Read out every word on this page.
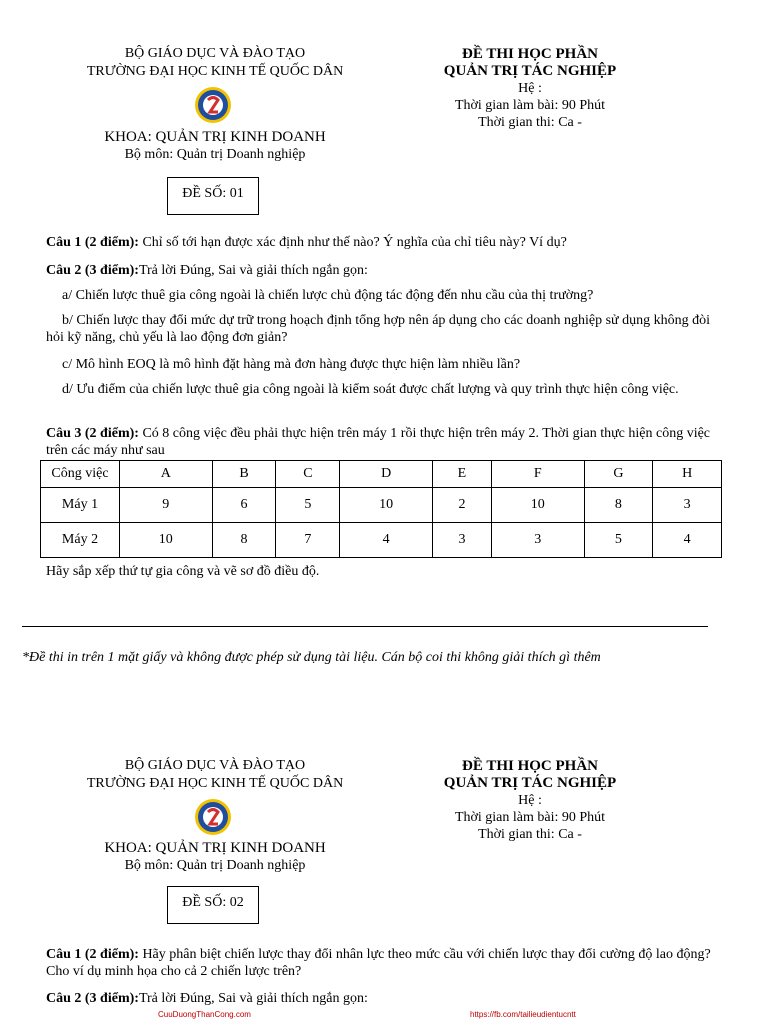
BỘ GIÁO DỤC VÀ ĐÀO TẠO
TRƯỜNG ĐẠI HỌC KINH TẾ QUỐC DÂN
KHOA: QUẢN TRỊ KINH DOANH
Bộ môn: Quản trị Doanh nghiệp
ĐỀ SỐ: 01
ĐỀ THI HỌC PHẦN
QUẢN TRỊ TÁC NGHIỆP
Hệ :
Thời gian làm bài: 90 Phút
Thời gian thi: Ca -
Câu 1 (2 điểm): Chỉ số tới hạn được xác định như thế nào? Ý nghĩa của chỉ tiêu này? Ví dụ?
Câu 2 (3 điểm):Trả lời Đúng, Sai và giải thích ngắn gọn:
a/ Chiến lược thuê gia công ngoài là chiến lược chủ động tác động đến nhu cầu của thị trường?
b/ Chiến lược thay đổi mức dự trữ trong hoạch định tổng hợp nên áp dụng cho các doanh nghiệp sử dụng không đòi hỏi kỹ năng, chủ yếu là lao động đơn giản?
c/ Mô hình EOQ là mô hình đặt hàng mà đơn hàng được thực hiện làm nhiều lần?
d/ Ưu điểm của chiến lược thuê gia công ngoài là kiểm soát được chất lượng và quy trình thực hiện công việc.
Câu 3 (2 điểm): Có 8 công việc đều phải thực hiện trên máy 1 rồi thực hiện trên máy 2. Thời gian thực hiện công việc trên các máy như sau
Công việc	A	B	C	D	E	F	G	H
Máy 1	9	6	5	10	2	10	8	3
Máy 2	10	8	7	4	3	3	5	4
Hãy sắp xếp thứ tự gia công và vẽ sơ đồ điều độ.
*Đề thi in trên 1 mặt giấy và không được phép sử dụng tài liệu. Cán bộ coi thi không giải thích gì thêm
BỘ GIÁO DỤC VÀ ĐÀO TẠO
TRƯỜNG ĐẠI HỌC KINH TẾ QUỐC DÂN
KHOA: QUẢN TRỊ KINH DOANH
Bộ môn: Quản trị Doanh nghiệp
ĐỀ SỐ: 02
ĐỀ THI HỌC PHẦN
QUẢN TRỊ TÁC NGHIỆP
Hệ :
Thời gian làm bài: 90 Phút
Thời gian thi: Ca -
Câu 1 (2 điểm): Hãy phân biệt chiến lược thay đổi nhân lực theo mức cầu với chiến lược thay đổi cường độ lao động? Cho ví dụ minh họa cho cả 2 chiến lược trên?
Câu 2 (3 điểm):Trả lời Đúng, Sai và giải thích ngắn gọn:
CuuDuongThanCong.com	https://fb.com/tailieudientucntt
